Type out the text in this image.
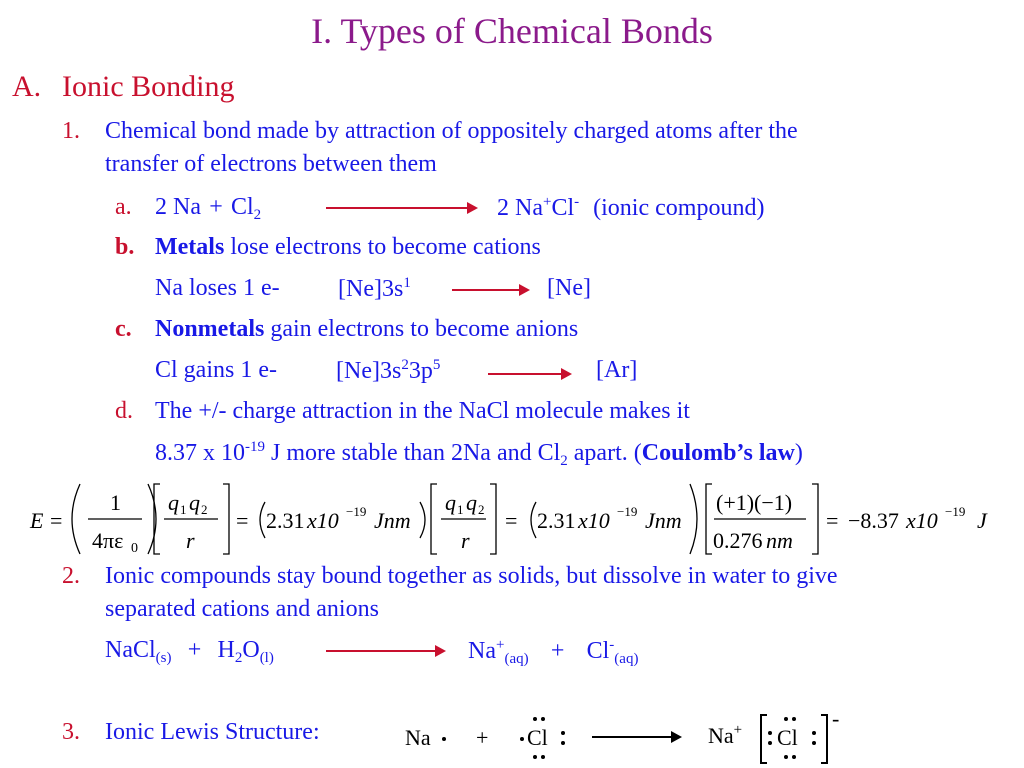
I. Types of Chemical Bonds
A. Ionic Bonding
1. Chemical bond made by attraction of oppositely charged atoms after the
transfer of electrons between them
a. 2 $Na + Cl_2$	2 Na+Cl- (ionic compound)
b. Metals lose electrons to become cations
Na loses 1 e- $[Ne]3s^1$	[Ne]
c. Nonmetals gain electrons to become anions
Cl gains 1 e- $[Ne]3s^23p^5$	[Ar]
d. The +/- charge attraction in the NaCl molecule makes it
8.37 x $10^{-19}$ J more stable than 2Na and $Cl_2$ apart. (Coulomb’s law)
E =
1
4πε 0
q 1 q 2
r
= 2.31 x10 −19 Jnm
q 1 q 2
r
= 2.31 x10 −19 Jnm
(+1)(−1)
0.276 nm
= −8.37 x10 −19 J
2. Ionic compounds stay bound together as solids, but dissolve in water to give
separated cations and anions
NaCl$_{(s)}$ + $H_2O_{(l)}$	$Na^+_{(aq)} + Cl^-_{(aq)}$
3. Ionic Lewis Structure:	Na + Cl	Na+ Cl
-
